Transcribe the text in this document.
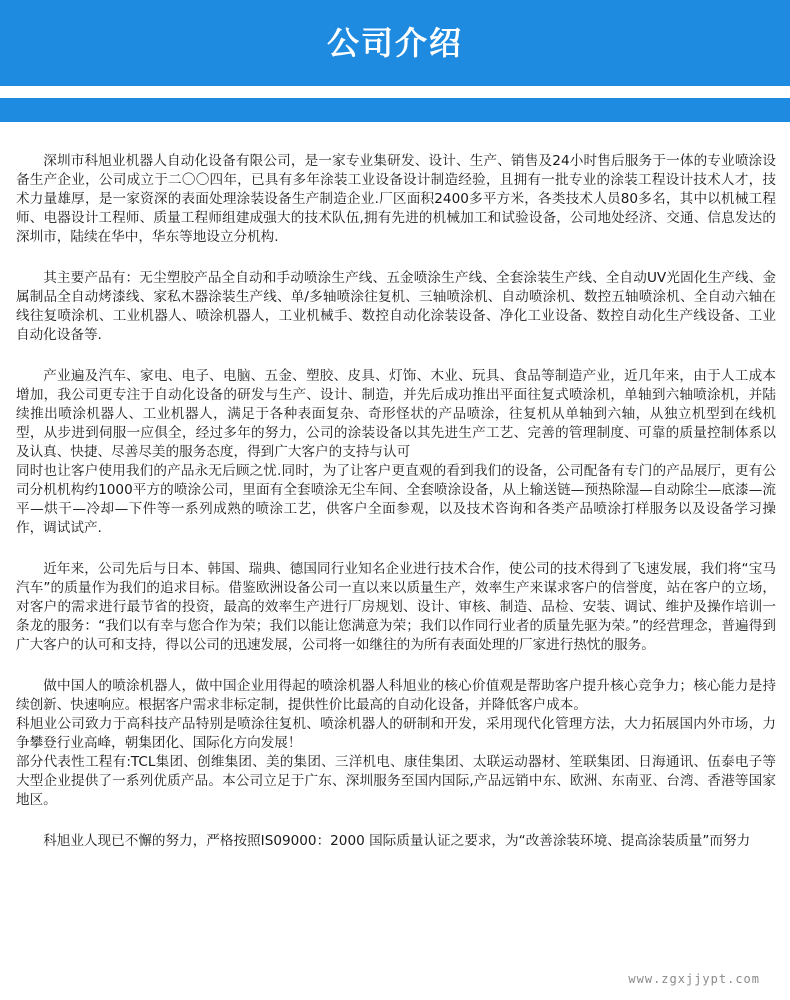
公司介绍

深圳市科旭业机器人自动化设备有限公司，是一家专业集研发、设计、生产、销售及24小时售后服务于一体的专业喷涂设备生产企业，公司成立于二〇〇四年，已具有多年涂装工业设备设计制造经验，且拥有一批专业的涂装工程设计技术人才，技术力量雄厚，是一家资深的表面处理涂装设备生产制造企业.厂区面积2400多平方米，各类技术人员80多名，其中以机械工程师、电器设计工程师、质量工程师组建成强大的技术队伍,拥有先进的机械加工和试验设备，公司地处经济、交通、信息发达的深圳市，陆续在华中，华东等地设立分机构.

其主要产品有：无尘塑胶产品全自动和手动喷涂生产线、五金喷涂生产线、全套涂装生产线、全自动UV光固化生产线、金属制品全自动烤漆线、家私木器涂装生产线、单/多轴喷涂往复机、三轴喷涂机、自动喷涂机、数控五轴喷涂机、全自动六轴在线往复喷涂机、工业机器人、喷涂机器人，工业机械手、数控自动化涂装设备、净化工业设备、数控自动化生产线设备、工业自动化设备等.

产业遍及汽车、家电、电子、电脑、五金、塑胶、皮具、灯饰、木业、玩具、食品等制造产业，近几年来，由于人工成本增加，我公司更专注于自动化设备的研发与生产、设计、制造，并先后成功推出平面往复式喷涂机，单轴到六轴喷涂机，并陆续推出喷涂机器人、工业机器人，满足于各种表面复杂、奇形怪状的产品喷涂，往复机从单轴到六轴，从独立机型到在线机型，从步进到伺服一应俱全，经过多年的努力，公司的涂装设备以其先进生产工艺、完善的管理制度、可靠的质量控制体系以及认真、快捷、尽善尽美的服务态度，得到广大客户的支持与认可

同时也让客户使用我们的产品永无后顾之忧.同时，为了让客户更直观的看到我们的设备，公司配备有专门的产品展厅，更有公司分机机构约1000平方的喷涂公司，里面有全套喷涂无尘车间、全套喷涂设备，从上输送链—预热除湿—自动除尘—底漆—流平—烘干—冷却—下件等一系列成熟的喷涂工艺，供客户全面参观，以及技术咨询和各类产品喷涂打样服务以及设备学习操作，调试试产.

近年来，公司先后与日本、韩国、瑞典、德国同行业知名企业进行技术合作，使公司的技术得到了飞速发展，我们将“宝马汽车”的质量作为我们的追求目标。借鉴欧洲设备公司一直以来以质量生产，效率生产来谋求客户的信誉度，站在客户的立场，对客户的需求进行最节省的投资，最高的效率生产进行厂房规划、设计、审核、制造、品检、安装、调试、维护及操作培训一条龙的服务：“我们以有幸与您合作为荣；我们以能让您满意为荣；我们以作同行业者的质量先驱为荣。”的经营理念，普遍得到广大客户的认可和支持，得以公司的迅速发展，公司将一如继往的为所有表面处理的厂家进行热忱的服务。

做中国人的喷涂机器人，做中国企业用得起的喷涂机器人科旭业的核心价值观是帮助客户提升核心竞争力；核心能力是持续创新、快速响应。根据客户需求非标定制，提供性价比最高的自动化设备，并降低客户成本。

科旭业公司致力于高科技产品特别是喷涂往复机、喷涂机器人的研制和开发，采用现代化管理方法，大力拓展国内外市场，力争攀登行业高峰，朝集团化、国际化方向发展！

部分代表性工程有:TCL集团、创维集团、美的集团、三洋机电、康佳集团、太联运动器材、笙联集团、日海通讯、伍泰电子等大型企业提供了一系列优质产品。本公司立足于广东、深圳服务至国内国际,产品远销中东、欧洲、东南亚、台湾、香港等国家地区。

科旭业人现已不懈的努力，严格按照IS09000：2000 国际质量认证之要求，为“改善涂装环境、提高涂装质量”而努力

www.zgxjjypt.com
